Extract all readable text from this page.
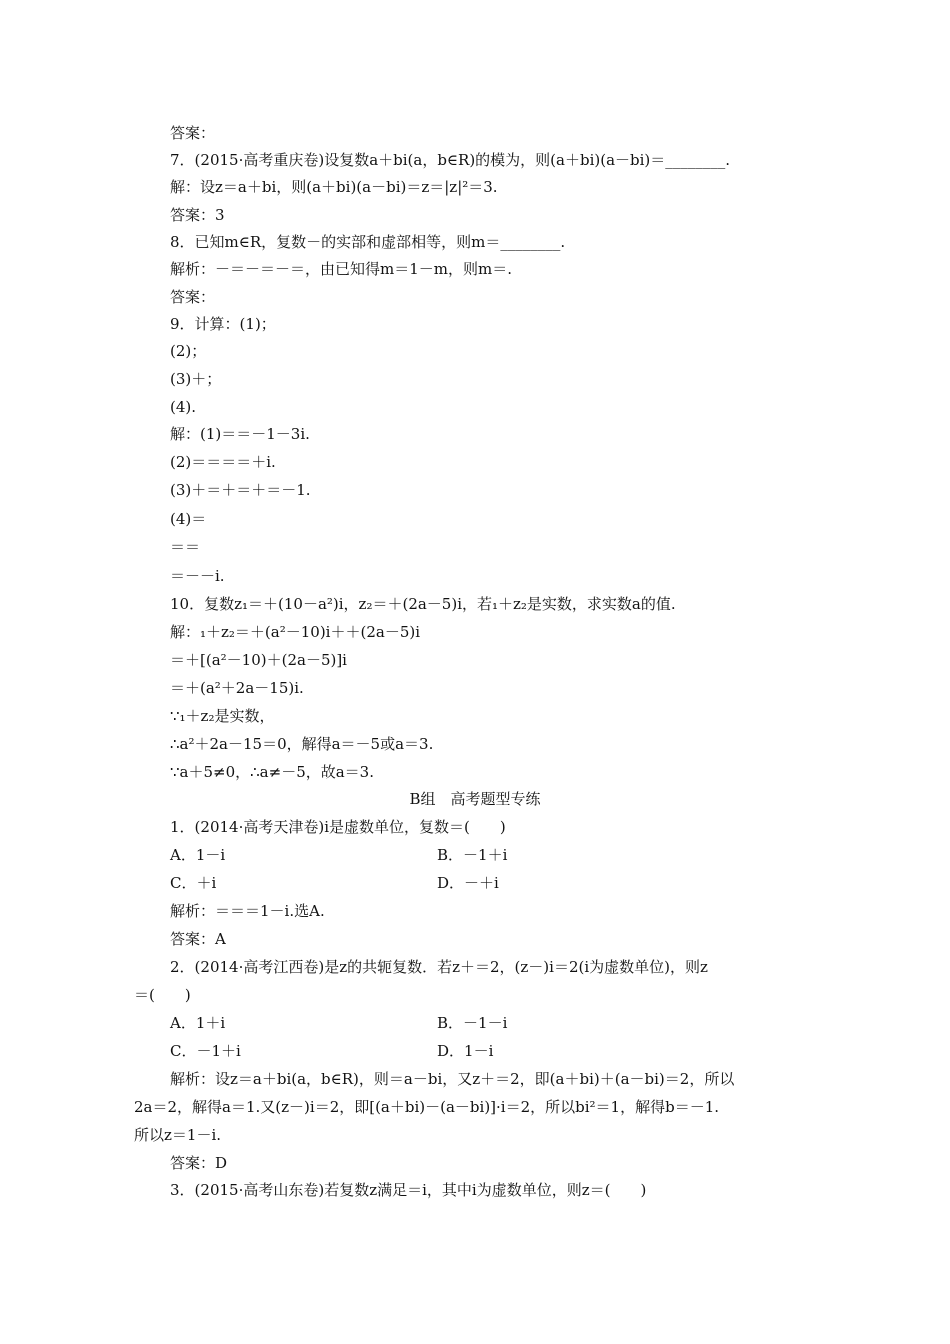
答案：
7．(2015·高考重庆卷)设复数a＋bi(a，b∈R)的模为，则(a＋bi)(a－bi)＝________.
解：设z＝a＋bi，则(a＋bi)(a－bi)＝z＝|z|²＝3.
答案：3
8．已知m∈R，复数－的实部和虚部相等，则m＝________.
解析：－＝－＝－＝，由已知得m＝1－m，则m＝.
答案：
9．计算：(1)；
(2)；
(3)＋；
(4).
解：(1)＝＝－1－3i.
(2)＝＝＝＝＋i.
(3)＋＝＋＝＋＝－1.
(4)＝
＝＝
＝－－i.
10．复数z₁＝＋(10－a²)i，z₂＝＋(2a－5)i，若₁＋z₂是实数，求实数a的值.
解：₁＋z₂＝＋(a²－10)i＋＋(2a－5)i
＝＋[(a²－10)＋(2a－5)]i
＝＋(a²＋2a－15)i.
∵₁＋z₂是实数，
∴a²＋2a－15＝0，解得a＝－5或a＝3.
∵a＋5≠0，∴a≠－5，故a＝3.
B组　高考题型专练
1．(2014·高考天津卷)i是虚数单位，复数＝(　　)
A．1－i	B．－1＋i
C．＋i	D．－＋i
解析：＝＝＝1－i.选A.
答案：A
2．(2014·高考江西卷)是z的共轭复数．若z＋＝2，(z－)i＝2(i为虚数单位)，则z
＝(　　)
A．1＋i	B．－1－i
C．－1＋i	D．1－i
解析：设z＝a＋bi(a，b∈R)，则＝a－bi，又z＋＝2，即(a＋bi)＋(a－bi)＝2，所以
2a＝2，解得a＝1.又(z－)i＝2，即[(a＋bi)－(a－bi)]·i＝2，所以bi²＝1，解得b＝－1.
所以z＝1－i.
答案：D
3．(2015·高考山东卷)若复数z满足＝i，其中i为虚数单位，则z＝(　　)
